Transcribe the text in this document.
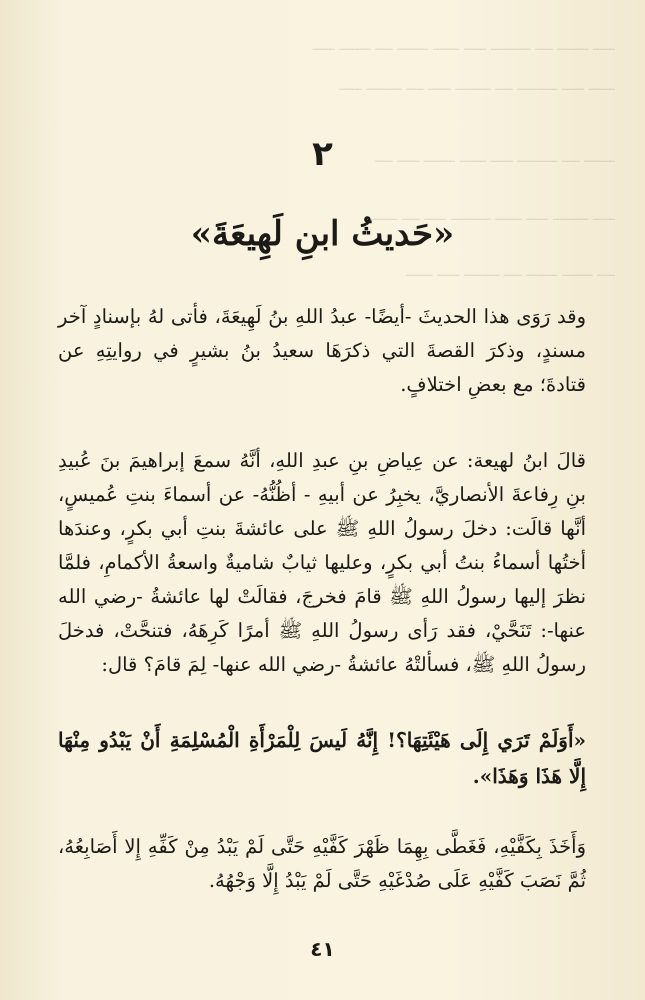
ـــــ ـــــــ ــــ ـــــــــ ـــــ ــــــ ـــــــ ــــ ـــــــ ـــــ
ــــــ ـــــ ـــــــــ ــــ ــــــــ ـــــ ــــ ــــــــ ـــــ
ـــــــ ــــ ـــــــــ ـــــ ــــــ ـــــــ ـــــ ــــ
ـــــ ــــــــ ـــــ ــــــ ـــــــــ ـــــ ــــ ــــــ
ــــ ـــــــ ـــــــ ــــ ــــــــ ـــــ ــــــ
٢
«حَديثُ ابنِ لَهِيعَةَ»

وقد رَوَى هذا الحديثَ -أيضًا- عبدُ اللهِ بنُ لَهِيعَةَ، فأتى لهُ بإسنادٍ آخر مسندٍ، وذكرَ القصةَ التي ذكرَهَا سعيدُ بنُ بشيرٍ في روايتِهِ عن قتادةَ؛ مع بعضِ اختلافٍ.

قالَ ابنُ لهيعة: عن عِياضِ بنِ عبدِ اللهِ، أنَّهُ سمعَ إبراهيمَ بنَ عُبيدِ بنِ رِفاعةَ الأنصاريَّ، يخبِرُ عن أبيهِ - أظُنُّهُ- عن أسماءَ بنتِ عُميسٍ، أنَّها قالَت: دخلَ رسولُ اللهِ ﷺ على عائشةَ بنتِ أبي بكرٍ، وعندَها أختُها أسماءُ بنتُ أبي بكرٍ، وعليها ثيابٌ شاميةٌ واسعةُ الأكمامِ، فلمَّا نظرَ إليها رسولُ اللهِ ﷺ قامَ فخرجَ، فقالَتْ لها عائشةُ -رضي الله عنها-: تَنَحَّيْ، فقد رَأى رسولُ اللهِ ﷺ أمرًا كَرِهَهُ، فتنحَّتْ، فدخلَ رسولُ اللهِ ﷺ، فسألتْهُ عائشةُ -رضي الله عنها- لِمَ قامَ؟ قال:

«أَوَلَمْ تَرَي إِلَى هَيْئَتِهَا؟! إِنَّهُ لَيسَ لِلْمَرْأَةِ الْمُسْلِمَةِ أَنْ يَبْدُو مِنْهَا إِلَّا هَذَا وَهَذَا».

وَأَخَذَ بِكَفَّيْهِ، فَغَطَّى بِهِمَا ظَهْرَ كَفَّيْهِ حَتَّى لَمْ يَبْدُ مِنْ كَفِّهِ إِلا أَصَابِعُهُ، ثُمَّ نَصَبَ كَفَّيْهِ عَلَى صُدْغَيْهِ حَتَّى لَمْ يَبْدُ إِلَّا وَجْهُهُ.

٤١
